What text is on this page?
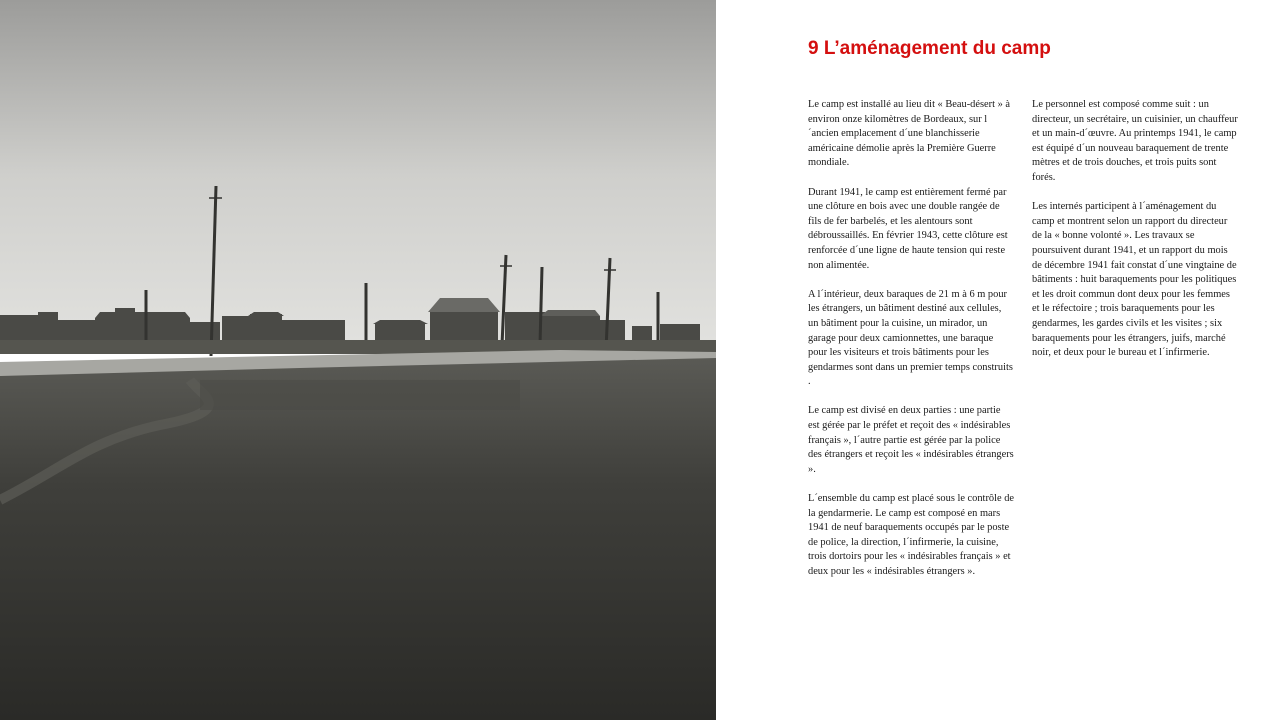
9 L’aménagement du camp

Le camp est installé au lieu dit « Beau-désert » à environ onze kilomètres de Bordeaux, sur l´ancien emplacement d´une blanchisserie américaine démolie après la Première Guerre mondiale.

Durant 1941, le camp est entièrement fermé par une clôture en bois avec une double rangée de fils de fer barbelés, et les alentours sont débroussaillés. En février 1943, cette clôture est renforcée d´une ligne de haute tension qui reste non alimentée.

A l´intérieur, deux baraques de 21 m à 6 m pour les étrangers, un bâtiment destiné aux cellules, un bâtiment pour la cuisine, un mirador, un garage pour deux camionnettes, une baraque pour les visiteurs et trois bâtiments pour les gendarmes sont dans un premier temps construits .

Le camp est divisé en deux parties : une partie est gérée par le préfet et reçoit des « indésirables français », l´autre partie est gérée par la police des étrangers et reçoit les « indésirables étrangers ».

L´ensemble du camp est placé sous le contrôle de la gendarmerie. Le camp est composé en mars 1941 de neuf baraquements occupés par le poste de police, la direction, l´infirmerie, la cuisine, trois dortoirs pour les « indésirables français » et deux pour les « indésirables étrangers ».

Le personnel est composé comme suit : un directeur, un secrétaire, un cuisinier, un chauffeur et un main-d´œuvre. Au printemps 1941, le camp est équipé d´un nouveau baraquement de trente mètres et de trois douches, et trois puits sont forés.

Les internés participent à l´aménagement du camp et montrent selon un rapport du directeur de la « bonne volonté ». Les travaux se poursuivent durant 1941, et un rapport du mois de décembre 1941 fait constat d´une vingtaine de bâtiments : huit baraquements pour les politiques et les droit commun dont deux pour les femmes et le réfectoire ; trois baraquements pour les gendarmes, les gardes civils et les visites ; six baraquements pour les étrangers, juifs, marché noir, et deux pour le bureau et l´infirmerie.
